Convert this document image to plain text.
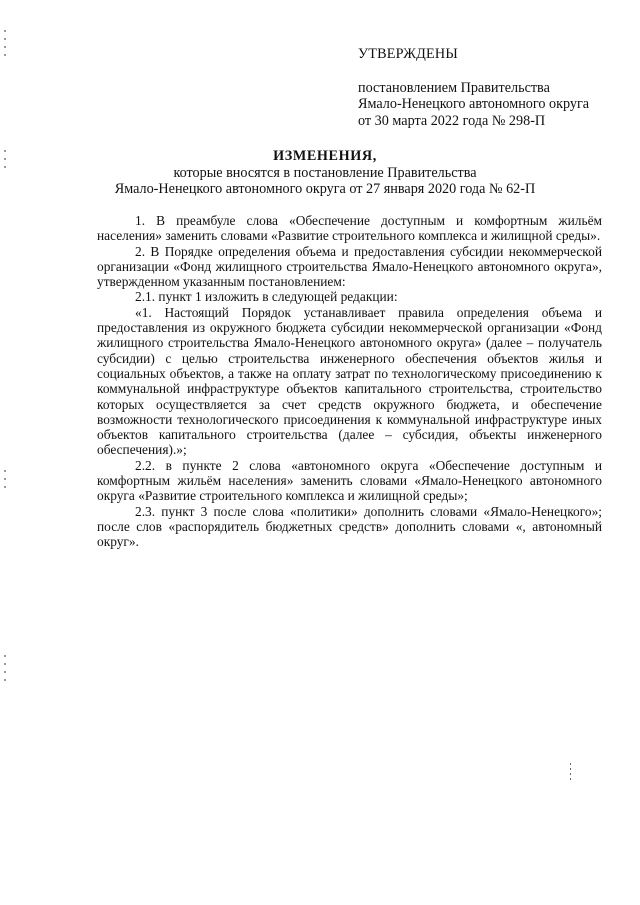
УТВЕРЖДЕНЫ
постановлением Правительства
Ямало-Ненецкого автономного округа
от 30 марта 2022 года № 298-П
ИЗМЕНЕНИЯ,
которые вносятся в постановление Правительства
Ямало-Ненецкого автономного округа от 27 января 2020 года № 62-П

1. В преамбуле слова «Обеспечение доступным и комфортным жильём населения» заменить словами «Развитие строительного комплекса и жилищной среды».

2. В Порядке определения объема и предоставления субсидии некоммерческой организации «Фонд жилищного строительства Ямало-Ненецкого автономного округа», утвержденном указанным постановлением:

2.1. пункт 1 изложить в следующей редакции:

«1. Настоящий Порядок устанавливает правила определения объема и предоставления из окружного бюджета субсидии некоммерческой организации «Фонд жилищного строительства Ямало-Ненецкого автономного округа» (далее – получатель субсидии) с целью строительства инженерного обеспечения объектов жилья и социальных объектов, а также на оплату затрат по технологическому присоединению к коммунальной инфраструктуре объектов капитального строительства, строительство которых осуществляется за счет средств окружного бюджета, и обеспечение возможности технологического присоединения к коммунальной инфраструктуре иных объектов капитального строительства (далее – субсидия, объекты инженерного обеспечения).»;

2.2. в пункте 2 слова «автономного округа «Обеспечение доступным и комфортным жильём населения» заменить словами «Ямало-Ненецкого автономного округа «Развитие строительного комплекса и жилищной среды»;

2.3. пункт 3 после слова «политики» дополнить словами «Ямало-Ненецкого»; после слов «распорядитель бюджетных средств» дополнить словами «, автономный округ».
